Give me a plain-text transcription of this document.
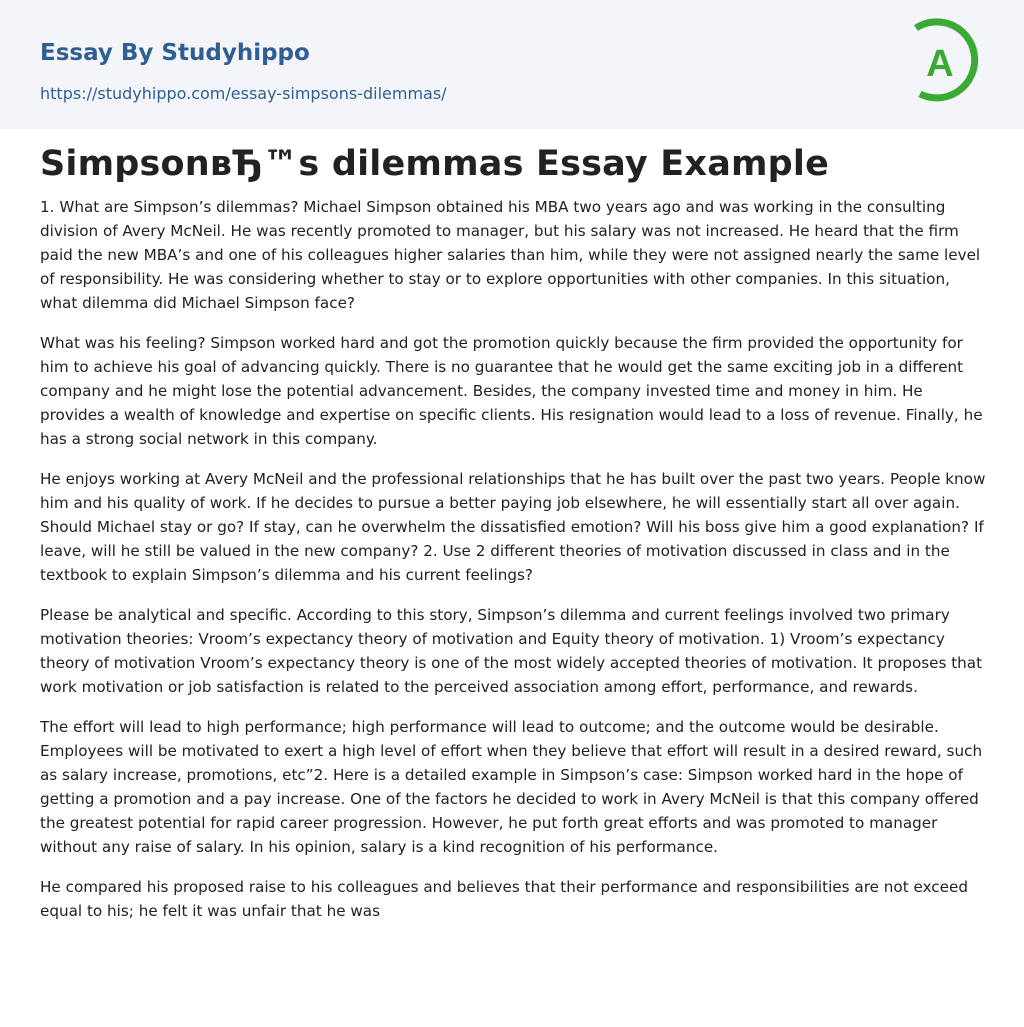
Essay By Studyhippo
https://studyhippo.com/essay-simpsons-dilemmas/
A
SimpsonвЂ™s dilemmas Essay Example

1. What are Simpson’s dilemmas? Michael Simpson obtained his MBA two years ago and was working in the consulting division of Avery McNeil. He was recently promoted to manager, but his salary was not increased. He heard that the firm paid the new MBA’s and one of his colleagues higher salaries than him, while they were not assigned nearly the same level of responsibility. He was considering whether to stay or to explore opportunities with other companies. In this situation, what dilemma did Michael Simpson face?

What was his feeling? Simpson worked hard and got the promotion quickly because the firm provided the opportunity for him to achieve his goal of advancing quickly. There is no guarantee that he would get the same exciting job in a different company and he might lose the potential advancement. Besides, the company invested time and money in him. He provides a wealth of knowledge and expertise on specific clients. His resignation would lead to a loss of revenue. Finally, he has a strong social network in this company.

He enjoys working at Avery McNeil and the professional relationships that he has built over the past two years. People know him and his quality of work. If he decides to pursue a better paying job elsewhere, he will essentially start all over again. Should Michael stay or go? If stay, can he overwhelm the dissatisfied emotion? Will his boss give him a good explanation? If leave, will he still be valued in the new company? 2. Use 2 different theories of motivation discussed in class and in the textbook to explain Simpson’s dilemma and his current feelings?

Please be analytical and specific. According to this story, Simpson’s dilemma and current feelings involved two primary motivation theories: Vroom’s expectancy theory of motivation and Equity theory of motivation. 1) Vroom’s expectancy theory of motivation Vroom’s expectancy theory is one of the most widely accepted theories of motivation. It proposes that work motivation or job satisfaction is related to the perceived association among effort, performance, and rewards.

The effort will lead to high performance; high performance will lead to outcome; and the outcome would be desirable. Employees will be motivated to exert a high level of effort when they believe that effort will result in a desired reward, such as salary increase, promotions, etc”2. Here is a detailed example in Simpson’s case: Simpson worked hard in the hope of getting a promotion and a pay increase. One of the factors he decided to work in Avery McNeil is that this company offered the greatest potential for rapid career progression. However, he put forth great efforts and was promoted to manager without any raise of salary. In his opinion, salary is a kind recognition of his performance.

He compared his proposed raise to his colleagues and believes that their performance and responsibilities are not exceed equal to his; he felt it was unfair that he was
